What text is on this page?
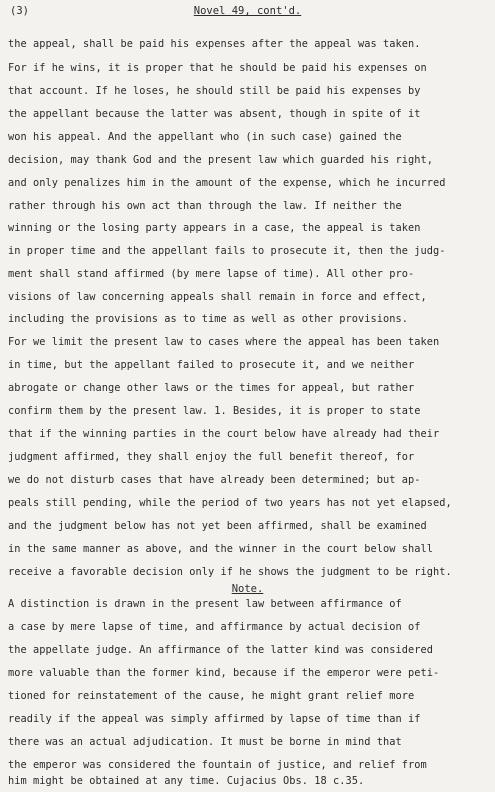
(3)	Novel 49, cont'd.
the appeal, shall be paid his expenses after the appeal was taken.
For if he wins, it is proper that he should be paid his expenses on
that account. If he loses, he should still be paid his expenses by
the appellant because the latter was absent, though in spite of it
won his appeal. And the appellant who (in such case) gained the
decision, may thank God and the present law which guarded his right,
and only penalizes him in the amount of the expense, which he incurred
rather through his own act than through the law. If neither the
winning or the losing party appears in a case, the appeal is taken
in proper time and the appellant fails to prosecute it, then the judg-
ment shall stand affirmed (by mere lapse of time). All other pro-
visions of law concerning appeals shall remain in force and effect,
including the provisions as to time as well as other provisions.
For we limit the present law to cases where the appeal has been taken
in time, but the appellant failed to prosecute it, and we neither
abrogate or change other laws or the times for appeal, but rather
confirm them by the present law. 1. Besides, it is proper to state
that if the winning parties in the court below have already had their
judgment affirmed, they shall enjoy the full benefit thereof, for
we do not disturb cases that have already been determined; but ap-
peals still pending, while the period of two years has not yet elapsed,
and the judgment below has not yet been affirmed, shall be examined
in the same manner as above, and the winner in the court below shall
receive a favorable decision only if he shows the judgment to be right.
Note.
A distinction is drawn in the present law between affirmance of
a case by mere lapse of time, and affirmance by actual decision of
the appellate judge. An affirmance of the latter kind was considered
more valuable than the former kind, because if the emperor were peti-
tioned for reinstatement of the cause, he might grant relief more
readily if the appeal was simply affirmed by lapse of time than if
there was an actual adjudication. It must be borne in mind that
the emperor was considered the fountain of justice, and relief from
him might be obtained at any time. Cujacius Obs. 18 c.35.
